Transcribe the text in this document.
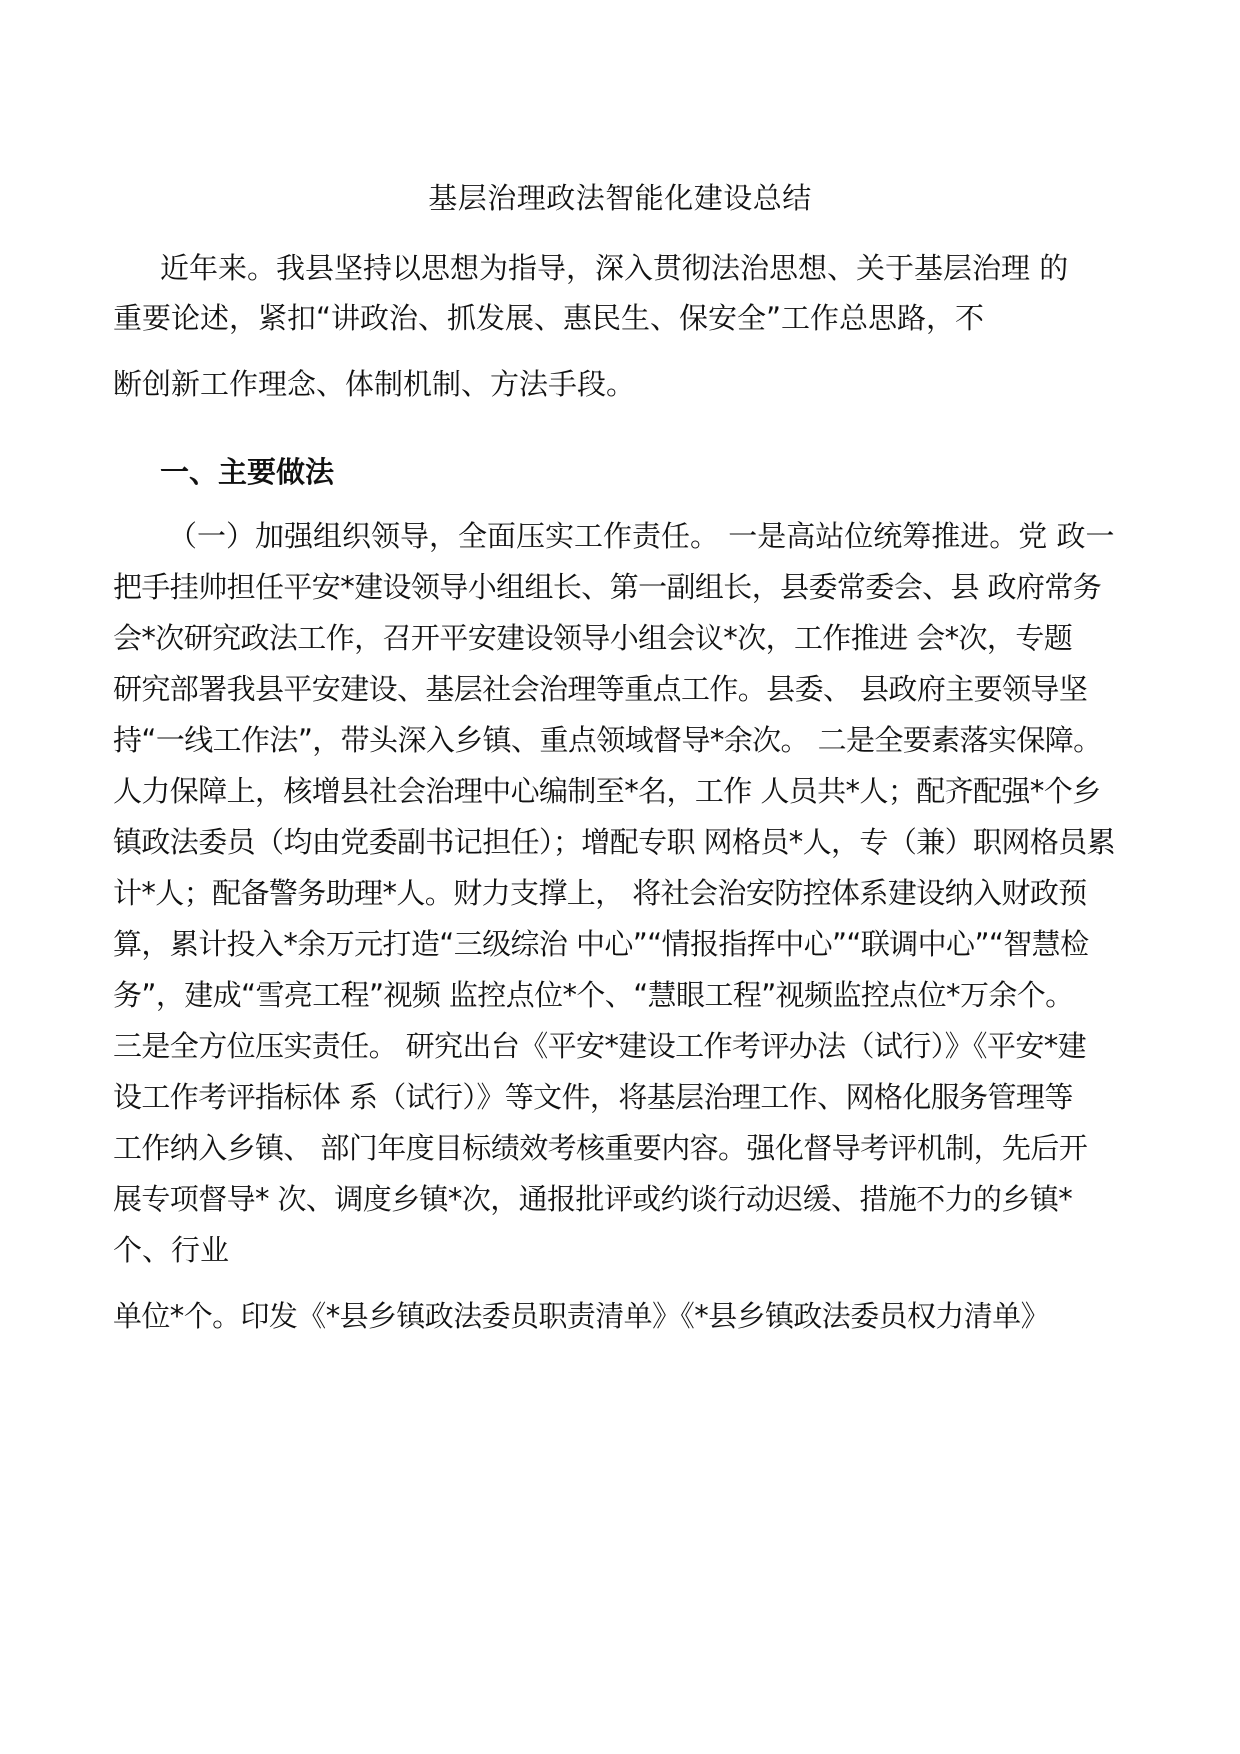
基层治理政法智能化建设总结

近年来。我县坚持以思想为指导，深入贯彻法治思想、关于基层治理 的

重要论述，紧扣“讲政治、抓发展、惠民生、保安全”工作总思路，不

断创新工作理念、体制机制、方法手段。

一、主要做法

（一）加强组织领导，全面压实工作责任。 一是高站位统筹推进。党 政一

把手挂帅担任平安*建设领导小组组长、第一副组长，县委常委会、县 政府常务

会*次研究政法工作，召开平安建设领导小组会议*次，工作推进 会*次，专题

研究部署我县平安建设、基层社会治理等重点工作。县委、 县政府主要领导坚

持“一线工作法”，带头深入乡镇、重点领域督导*余次。 二是全要素落实保障。

人力保障上，核增县社会治理中心编制至*名，工作 人员共*人；配齐配强*个乡

镇政法委员（均由党委副书记担任）；增配专职 网格员*人，专（兼）职网格员累

计*人；配备警务助理*人。财力支撑上， 将社会治安防控体系建设纳入财政预

算，累计投入*余万元打造“三级综治 中心”“情报指挥中心”“联调中心”“智慧检

务”，建成“雪亮工程”视频 监控点位*个、“慧眼工程”视频监控点位*万余个。

三是全方位压实责任。 研究出台《平安*建设工作考评办法（试行）》《平安*建

设工作考评指标体 系（试行）》等文件，将基层治理工作、网格化服务管理等

工作纳入乡镇、 部门年度目标绩效考核重要内容。强化督导考评机制，先后开

展专项督导* 次、调度乡镇*次，通报批评或约谈行动迟缓、措施不力的乡镇*

个、行业

单位*个。印发《*县乡镇政法委员职责清单》《*县乡镇政法委员权力清单》
